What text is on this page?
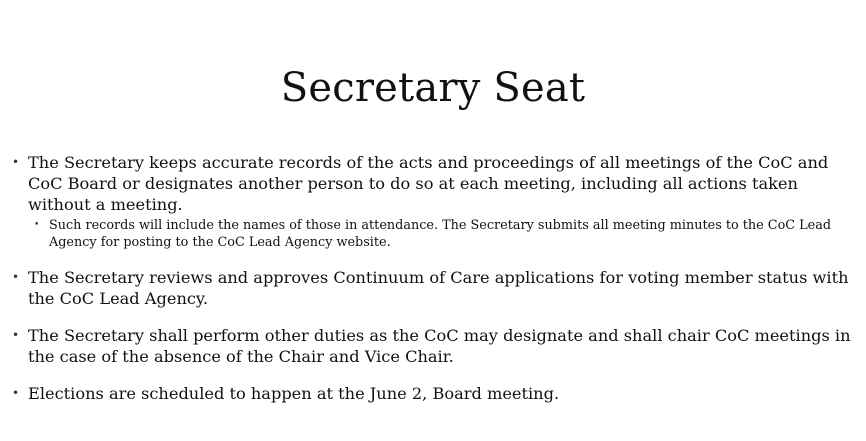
Secretary Seat
• The Secretary keeps accurate records of the acts and proceedings of all meetings of the CoC and CoC Board or designates another person to do so at each meeting, including all actions taken without a meeting.
• Such records will include the names of those in attendance. The Secretary submits all meeting minutes to the CoC Lead Agency for posting to the CoC Lead Agency website.
• The Secretary reviews and approves Continuum of Care applications for voting member status with the CoC Lead Agency.
• The Secretary shall perform other duties as the CoC may designate and shall chair CoC meetings in the case of the absence of the Chair and Vice Chair.
• Elections are scheduled to happen at the June 2, Board meeting.
